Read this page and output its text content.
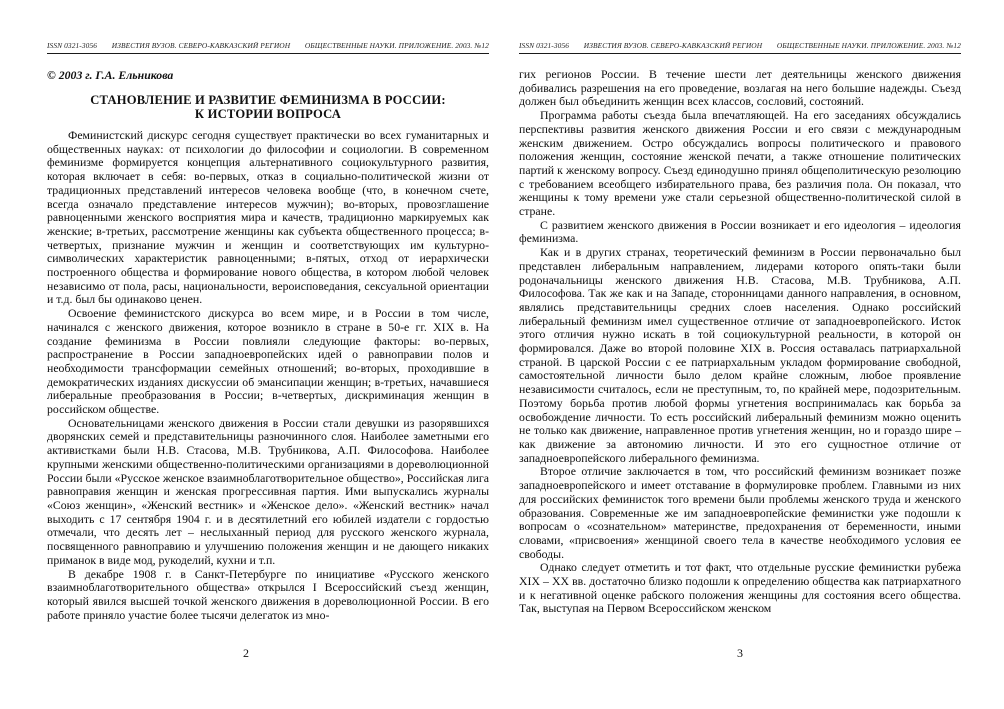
ISSN 0321-3056 ИЗВЕСТИЯ ВУЗОВ. СЕВЕРО-КАВКАЗСКИЙ РЕГИОН ОБЩЕСТВЕННЫЕ НАУКИ. ПРИЛОЖЕНИЕ. 2003. №12
© 2003 г. Г.А. Ельникова
СТАНОВЛЕНИЕ И РАЗВИТИЕ ФЕМИНИЗМА В РОССИИ:
К ИСТОРИИ ВОПРОСА

Феминистский дискурс сегодня существует практически во всех гуманитарных и общественных науках: от психологии до философии и социологии. В современном феминизме формируется концепция альтернативного социокультурного развития, которая включает в себя: во-первых, отказ в социально-политической жизни от традиционных представлений интересов человека вообще (что, в конечном счете, всегда означало представление интересов мужчин); во-вторых, провозглашение равноценными женского восприятия мира и качеств, традиционно маркируемых как женские; в-третьих, рассмотрение женщины как субъекта общественного процесса; в-четвертых, признание мужчин и женщин и соответствующих им культурно-символических характеристик равноценными; в-пятых, отход от иерархически построенного общества и формирование нового общества, в котором любой человек независимо от пола, расы, национальности, вероисповедания, сексуальной ориентации и т.д. был бы одинаково ценен.

Освоение феминистского дискурса во всем мире, и в России в том числе, начинался с женского движения, которое возникло в стране в 50-е гг. XIX в. На создание феминизма в России повлияли следующие факторы: во-первых, распространение в России западноевропейских идей о равноправии полов и необходимости трансформации семейных отношений; во-вторых, проходившие в демократических изданиях дискуссии об эмансипации женщин; в-третьих, начавшиеся либеральные преобразования в России; в-четвертых, дискриминация женщин в российском обществе.

Основательницами женского движения в России стали девушки из разорявшихся дворянских семей и представительницы разночинного слоя. Наиболее заметными его активистками были Н.В. Стасова, М.В. Трубникова, А.П. Философова. Наиболее крупными женскими общественно-политическими организациями в дореволюционной России были «Русское женское взаимноблаготворительное общество», Российская лига равноправия женщин и женская прогрессивная партия. Ими выпускались журналы «Союз женщин», «Женский вестник» и «Женское дело». «Женский вестник» начал выходить с 17 сентября 1904 г. и в десятилетний его юбилей издатели с гордостью отмечали, что десять лет – неслыханный период для русского женского журнала, посвященного равноправию и улучшению положения женщин и не дающего никаких приманок в виде мод, рукоделий, кухни и т.п.

В декабре 1908 г. в Санкт-Петербурге по инициативе «Русского женского взаимноблаготворительного общества» открылся I Всероссийский съезд женщин, который явился высшей точкой женского движения в дореволюционной России. В его работе приняло участие более тысячи делегаток из мно-

2
ISSN 0321-3056 ИЗВЕСТИЯ ВУЗОВ. СЕВЕРО-КАВКАЗСКИЙ РЕГИОН ОБЩЕСТВЕННЫЕ НАУКИ. ПРИЛОЖЕНИЕ. 2003. №12

гих регионов России. В течение шести лет деятельницы женского движения добивались разрешения на его проведение, возлагая на него большие надежды. Съезд должен был объединить женщин всех классов, сословий, состояний.

Программа работы съезда была впечатляющей. На его заседаниях обсуждались перспективы развития женского движения России и его связи с международным женским движением. Остро обсуждались вопросы политического и правового положения женщин, состояние женской печати, а также отношение политических партий к женскому вопросу. Съезд единодушно принял общеполитическую резолюцию с требованием всеобщего избирательного права, без различия пола. Он показал, что женщины к тому времени уже стали серьезной общественно-политической силой в стране.

С развитием женского движения в России возникает и его идеология – идеология феминизма.

Как и в других странах, теоретический феминизм в России первоначально был представлен либеральным направлением, лидерами которого опять-таки были родоначальницы женского движения Н.В. Стасова, М.В. Трубникова, А.П. Философова. Так же как и на Западе, сторонницами данного направления, в основном, являлись представительницы средних слоев населения. Однако российский либеральный феминизм имел существенное отличие от западноевропейского. Исток этого отличия нужно искать в той социокультурной реальности, в которой он формировался. Даже во второй половине XIX в. Россия оставалась патриархальной страной. В царской России с ее патриархальным укладом формирование свободной, самостоятельной личности было делом крайне сложным, любое проявление независимости считалось, если не преступным, то, по крайней мере, подозрительным. Поэтому борьба против любой формы угнетения воспринималась как борьба за освобождение личности. То есть российский либеральный феминизм можно оценить не только как движение, направленное против угнетения женщин, но и гораздо шире – как движение за автономию личности. И это его сущностное отличие от западноевропейского либерального феминизма.

Второе отличие заключается в том, что российский феминизм возникает позже западноевропейского и имеет отставание в формулировке проблем. Главными из них для российских феминисток того времени были проблемы женского труда и женского образования. Современные же им западноевропейские феминистки уже подошли к вопросам о «сознательном» материнстве, предохранения от беременности, иными словами, «присвоения» женщиной своего тела в качестве необходимого условия ее свободы.

Однако следует отметить и тот факт, что отдельные русские феминистки рубежа XIX – XX вв. достаточно близко подошли к определению общества как патриархатного и к негативной оценке рабского положения женщины для состояния всего общества. Так, выступая на Первом Всероссийском женском

3
